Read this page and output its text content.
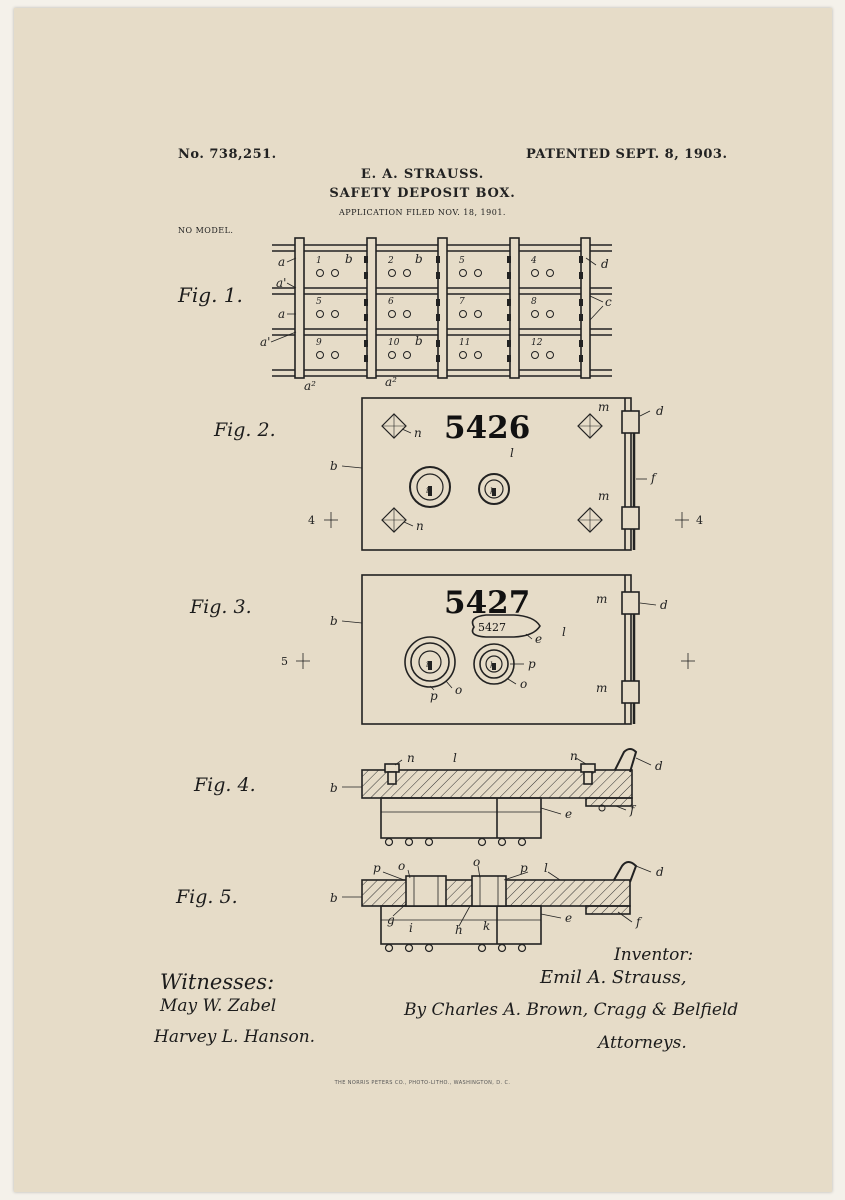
No. 738,251.	PATENTED SEPT. 8, 1903.
E. A. STRAUSS.
SAFETY DEPOSIT BOX.
APPLICATION FILED NOV. 18, 1901.
NO MODEL.
1	2	5	4
5	6	7	8
9	10	11	12
a
a'
a
a'
a²	a²
b	b
b
d
c
5426
n
n
l
b
m
m
d
f
i	k
4	4
5427
5427
b
m
m
d
e l
p o
p
o
i	k
5
b
n	l	n
d
e	f
b
p o	o	p l	d
g
i	h k
e	f
Fig. 1.
Fig. 2.
Fig. 3.
Fig. 4.
Fig. 5.
Witnesses:
May W. Zabel
Harvey L. Hanson.
Inventor:
Emil A. Strauss,
By Charles A. Brown, Cragg & Belfield
Attorneys.
THE NORRIS PETERS CO., PHOTO-LITHO., WASHINGTON, D. C.
